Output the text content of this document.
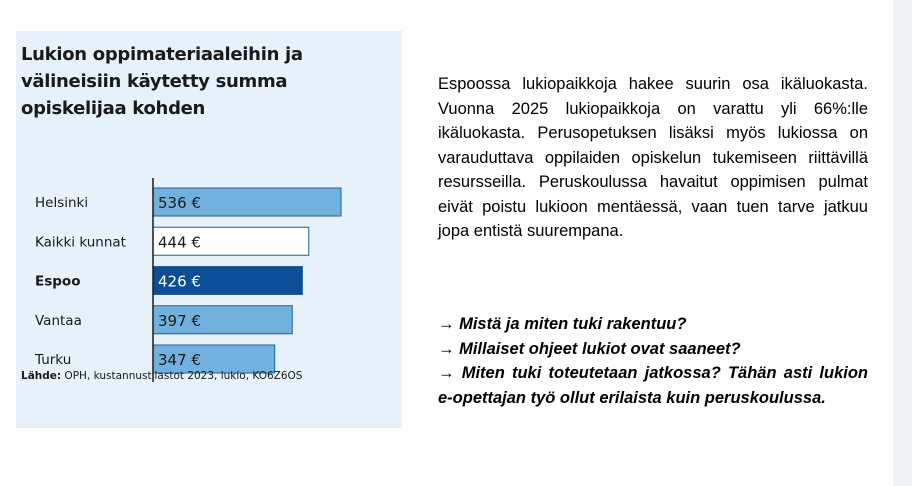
Lukion oppimateriaaleihin ja välineisiin käytetty summa opiskelijaa kohden
536 €
Helsinki
444 €
Kaikki kunnat
426 €
Espoo
397 €
Vantaa
347 €
Turku
Lähde: OPH, kustannustilastot 2023, lukio, KO6Z6OS

Espoossa lukiopaikkoja hakee suurin osa ikäluokasta. Vuonna 2025 lukiopaikkoja on varattu yli 66%:lle ikäluokasta. Perusopetuksen lisäksi myös lukiossa on varauduttava oppilaiden opiskelun tukemiseen riittävillä resursseilla. Peruskoulussa havaitut oppimisen pulmat eivät poistu lukioon mentäessä, vaan tuen tarve jatkuu jopa entistä suurempana.

→ Mistä ja miten tuki rakentuu?

→ Millaiset ohjeet lukiot ovat saaneet?

→ Miten tuki toteutetaan jatkossa? Tähän asti lukion e-opettajan työ ollut erilaista kuin peruskoulussa.
